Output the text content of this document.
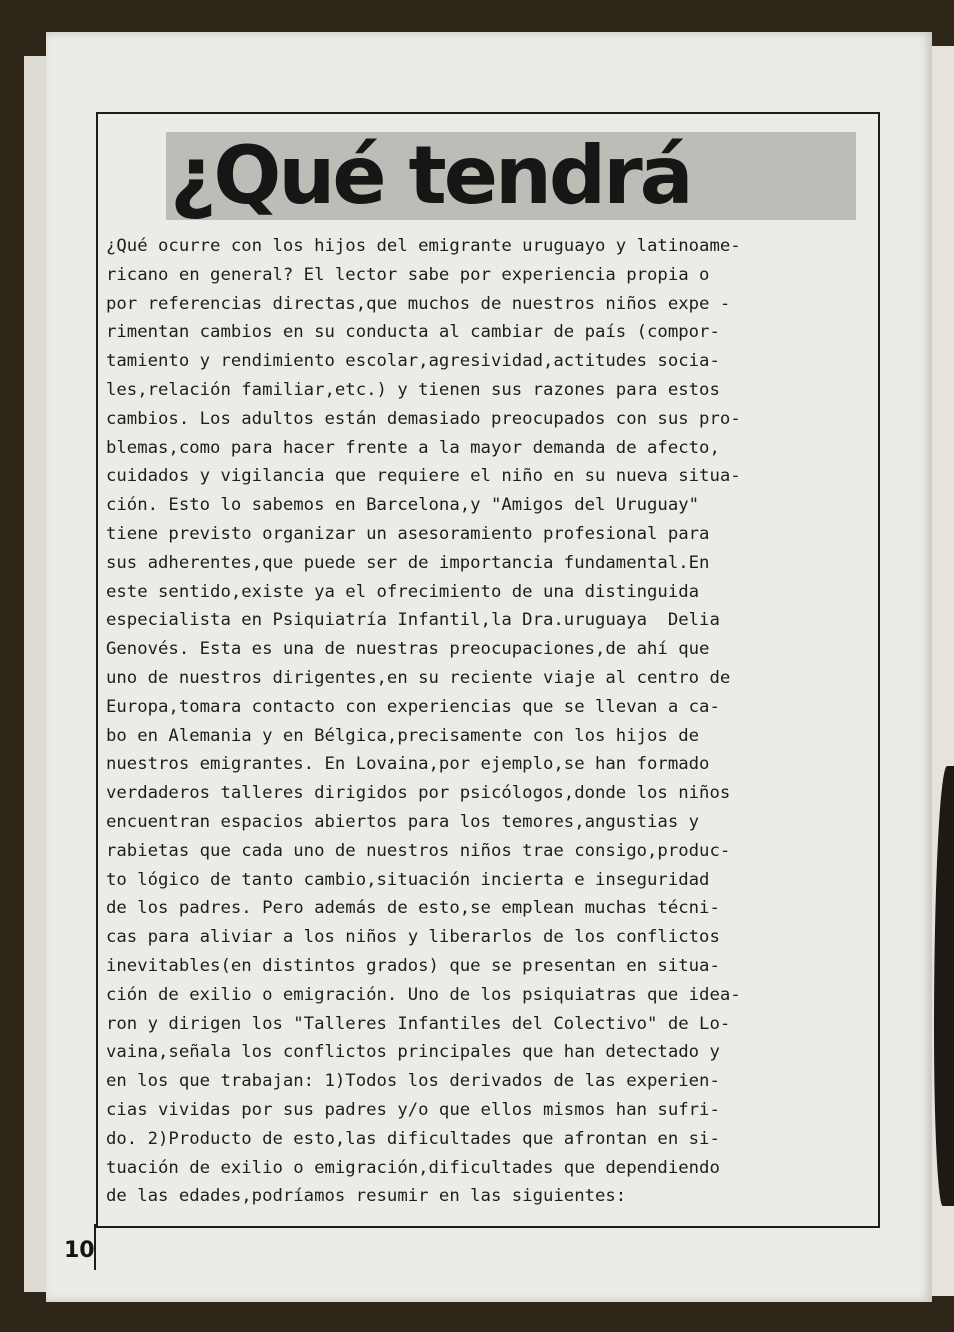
¿Qué tendrá
¿Qué ocurre con los hijos del emigrante uruguayo y latinoame-
ricano en general? El lector sabe por experiencia propia o
por referencias directas,que muchos de nuestros niños expe -
rimentan cambios en su conducta al cambiar de país (compor-
tamiento y rendimiento escolar,agresividad,actitudes socia-
les,relación familiar,etc.) y tienen sus razones para estos
cambios. Los adultos están demasiado preocupados con sus pro-
blemas,como para hacer frente a la mayor demanda de afecto,
cuidados y vigilancia que requiere el niño en su nueva situa-
ción. Esto lo sabemos en Barcelona,y "Amigos del Uruguay"
tiene previsto organizar un asesoramiento profesional para
sus adherentes,que puede ser de importancia fundamental.En
este sentido,existe ya el ofrecimiento de una distinguida
especialista en Psiquiatría Infantil,la Dra.uruguaya  Delia
Genovés. Esta es una de nuestras preocupaciones,de ahí que
uno de nuestros dirigentes,en su reciente viaje al centro de
Europa,tomara contacto con experiencias que se llevan a ca-
bo en Alemania y en Bélgica,precisamente con los hijos de
nuestros emigrantes. En Lovaina,por ejemplo,se han formado
verdaderos talleres dirigidos por psicólogos,donde los niños
encuentran espacios abiertos para los temores,angustias y
rabietas que cada uno de nuestros niños trae consigo,produc-
to lógico de tanto cambio,situación incierta e inseguridad
de los padres. Pero además de esto,se emplean muchas técni-
cas para aliviar a los niños y liberarlos de los conflictos
inevitables(en distintos grados) que se presentan en situa-
ción de exilio o emigración. Uno de los psiquiatras que idea-
ron y dirigen los "Talleres Infantiles del Colectivo" de Lo-
vaina,señala los conflictos principales que han detectado y
en los que trabajan: 1)Todos los derivados de las experien-
cias vividas por sus padres y/o que ellos mismos han sufri-
do. 2)Producto de esto,las dificultades que afrontan en si-
tuación de exilio o emigración,dificultades que dependiendo
de las edades,podríamos resumir en las siguientes:
10
